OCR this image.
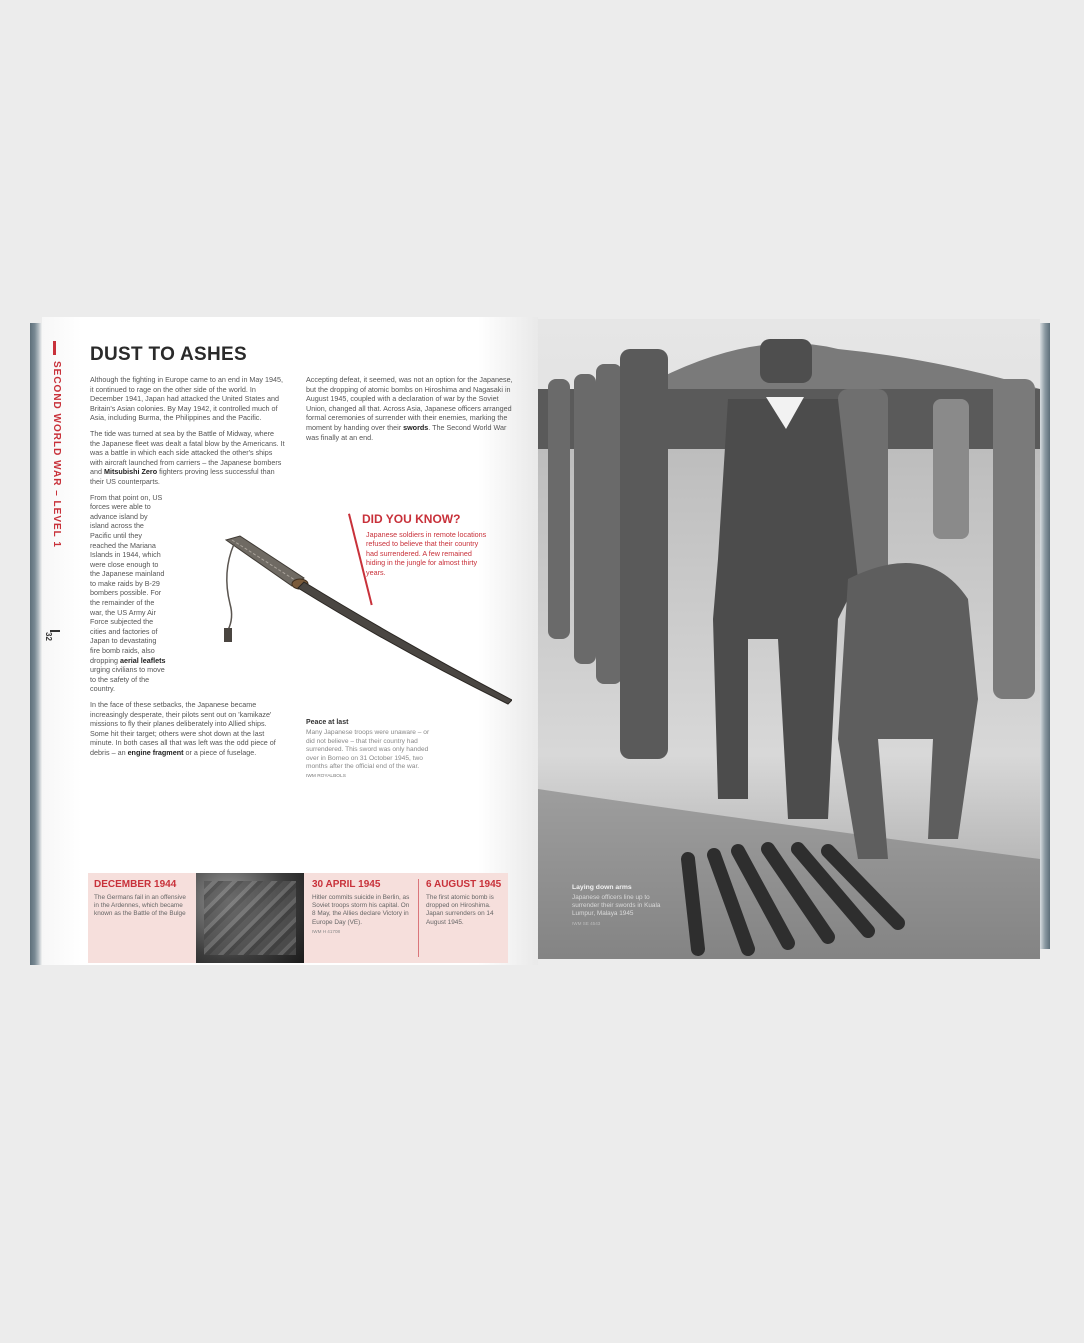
SECOND WORLD WAR – LEVEL 1
32
DUST TO ASHES

Although the fighting in Europe came to an end in May 1945, it continued to rage on the other side of the world. In December 1941, Japan had attacked the United States and Britain's Asian colonies. By May 1942, it controlled much of Asia, including Burma, the Philippines and the Pacific.

The tide was turned at sea by the Battle of Midway, where the Japanese fleet was dealt a fatal blow by the Americans. It was a battle in which each side attacked the other's ships with aircraft launched from carriers – the Japanese bombers and Mitsubishi Zero fighters proving less successful than their US counterparts.

From that point on, US forces were able to advance island by island across the Pacific until they reached the Mariana Islands in 1944, which were close enough to the Japanese mainland to make raids by B-29 bombers possible. For the remainder of the war, the US Army Air Force subjected the cities and factories of Japan to devastating fire bomb raids, also dropping aerial leaflets urging civilians to move to the safety of the country.

In the face of these setbacks, the Japanese became increasingly desperate, their pilots sent out on 'kamikaze' missions to fly their planes deliberately into Allied ships. Some hit their target; others were shot down at the last minute. In both cases all that was left was the odd piece of debris – an engine fragment or a piece of fuselage.

Accepting defeat, it seemed, was not an option for the Japanese, but the dropping of atomic bombs on Hiroshima and Nagasaki in August 1945, coupled with a declaration of war by the Soviet Union, changed all that. Across Asia, Japanese officers arranged formal ceremonies of surrender with their enemies, marking the moment by handing over their swords. The Second World War was finally at an end.

DID YOU KNOW?
Japanese soldiers in remote locations refused to believe that their country had surrendered. A few remained hiding in the jungle for almost thirty years.
Peace at last
Many Japanese troops were unaware – or did not believe – that their country had surrendered. This sword was only handed over in Borneo on 31 October 1945, two months after the official end of the war.
IWM ROYALBOLS
DECEMBER 1944
The Germans fail in an offensive in the Ardennes, which became known as the Battle of the Bulge
30 APRIL 1945
Hitler commits suicide in Berlin, as Soviet troops storm his capital. On 8 May, the Allies declare Victory in Europe Day (VE).
IWM H 41708
6 AUGUST 1945
The first atomic bomb is dropped on Hiroshima. Japan surrenders on 14 August 1945.
Laying down arms
Japanese officers line up to surrender their swords in Kuala Lumpur, Malaya 1945
IWM SE 4543
